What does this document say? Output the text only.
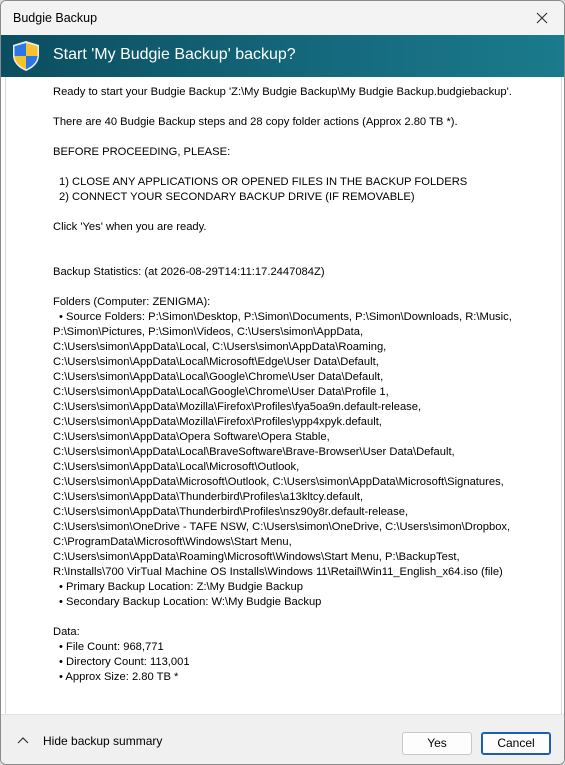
Budgie Backup
Start 'My Budgie Backup' backup?
Ready to start your Budgie Backup 'Z:\My Budgie Backup\My Budgie Backup.budgiebackup'.
There are 40 Budgie Backup steps and 28 copy folder actions (Approx 2.80 TB *).
BEFORE PROCEEDING, PLEASE:
1) CLOSE ANY APPLICATIONS OR OPENED FILES IN THE BACKUP FOLDERS
2) CONNECT YOUR SECONDARY BACKUP DRIVE (IF REMOVABLE)
Click 'Yes' when you are ready.
Backup Statistics: (at 2026-08-29T14:11:17.2447084Z)
Folders (Computer: ZENIGMA):
• Source Folders: P:\Simon\Desktop, P:\Simon\Documents, P:\Simon\Downloads, R:\Music,
P:\Simon\Pictures, P:\Simon\Videos, C:\Users\simon\AppData,
C:\Users\simon\AppData\Local, C:\Users\simon\AppData\Roaming,
C:\Users\simon\AppData\Local\Microsoft\Edge\User Data\Default,
C:\Users\simon\AppData\Local\Google\Chrome\User Data\Default,
C:\Users\simon\AppData\Local\Google\Chrome\User Data\Profile 1,
C:\Users\simon\AppData\Mozilla\Firefox\Profiles\fya5oa9n.default-release,
C:\Users\simon\AppData\Mozilla\Firefox\Profiles\ypp4xpyk.default,
C:\Users\simon\AppData\Opera Software\Opera Stable,
C:\Users\simon\AppData\Local\BraveSoftware\Brave-Browser\User Data\Default,
C:\Users\simon\AppData\Local\Microsoft\Outlook,
C:\Users\simon\AppData\Microsoft\Outlook, C:\Users\simon\AppData\Microsoft\Signatures,
C:\Users\simon\AppData\Thunderbird\Profiles\a13kltcy.default,
C:\Users\simon\AppData\Thunderbird\Profiles\nsz90y8r.default-release,
C:\Users\simon\OneDrive - TAFE NSW, C:\Users\simon\OneDrive, C:\Users\simon\Dropbox,
C:\ProgramData\Microsoft\Windows\Start Menu,
C:\Users\simon\AppData\Roaming\Microsoft\Windows\Start Menu, P:\BackupTest,
R:\Installs\700 VirTual Machine OS Installs\Windows 11\Retail\Win11_English_x64.iso (file)
• Primary Backup Location: Z:\My Budgie Backup
• Secondary Backup Location: W:\My Budgie Backup
Data:
• File Count: 968,771
• Directory Count: 113,001
• Approx Size: 2.80 TB *
Hide backup summary	Yes	Cancel
